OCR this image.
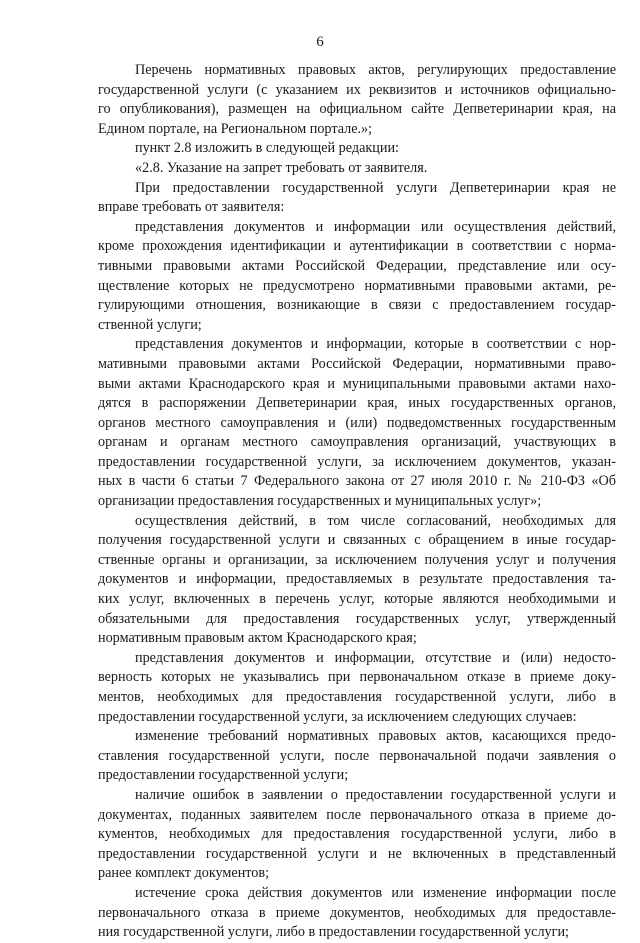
6
Перечень нормативных правовых актов, регулирующих предоставление
государственной услуги (с указанием их реквизитов и источников официально-
го опубликования), размещен на официальном сайте Депветеринарии края, на
Едином портале, на Региональном портале.»;
пункт 2.8 изложить в следующей редакции:
«2.8. Указание на запрет требовать от заявителя.
При предоставлении государственной услуги Депветеринарии края не
вправе требовать от заявителя:
представления документов и информации или осуществления действий,
кроме прохождения идентификации и аутентификации в соответствии с норма-
тивными правовыми актами Российской Федерации, представление или осу-
ществление которых не предусмотрено нормативными правовыми актами, ре-
гулирующими отношения, возникающие в связи с предоставлением государ-
ственной услуги;
представления документов и информации, которые в соответствии с нор-
мативными правовыми актами Российской Федерации, нормативными право-
выми актами Краснодарского края и муниципальными правовыми актами нахо-
дятся в распоряжении Депветеринарии края, иных государственных органов,
органов местного самоуправления и (или) подведомственных государственным
органам и органам местного самоуправления организаций, участвующих в
предоставлении государственной услуги, за исключением документов, указан-
ных в части 6 статьи 7 Федерального закона от 27 июля 2010 г. № 210-ФЗ «Об
организации предоставления государственных и муниципальных услуг»;
осуществления действий, в том числе согласований, необходимых для
получения государственной услуги и связанных с обращением в иные государ-
ственные органы и организации, за исключением получения услуг и получения
документов и информации, предоставляемых в результате предоставления та-
ких услуг, включенных в перечень услуг, которые являются необходимыми и
обязательными для предоставления государственных услуг, утвержденный
нормативным правовым актом Краснодарского края;
представления документов и информации, отсутствие и (или) недосто-
верность которых не указывались при первоначальном отказе в приеме доку-
ментов, необходимых для предоставления государственной услуги, либо в
предоставлении государственной услуги, за исключением следующих случаев:
изменение требований нормативных правовых актов, касающихся предо-
ставления государственной услуги, после первоначальной подачи заявления о
предоставлении государственной услуги;
наличие ошибок в заявлении о предоставлении государственной услуги и
документах, поданных заявителем после первоначального отказа в приеме до-
кументов, необходимых для предоставления государственной услуги, либо в
предоставлении государственной услуги и не включенных в представленный
ранее комплект документов;
истечение срока действия документов или изменение информации после
первоначального отказа в приеме документов, необходимых для предоставле-
ния государственной услуги, либо в предоставлении государственной услуги;
